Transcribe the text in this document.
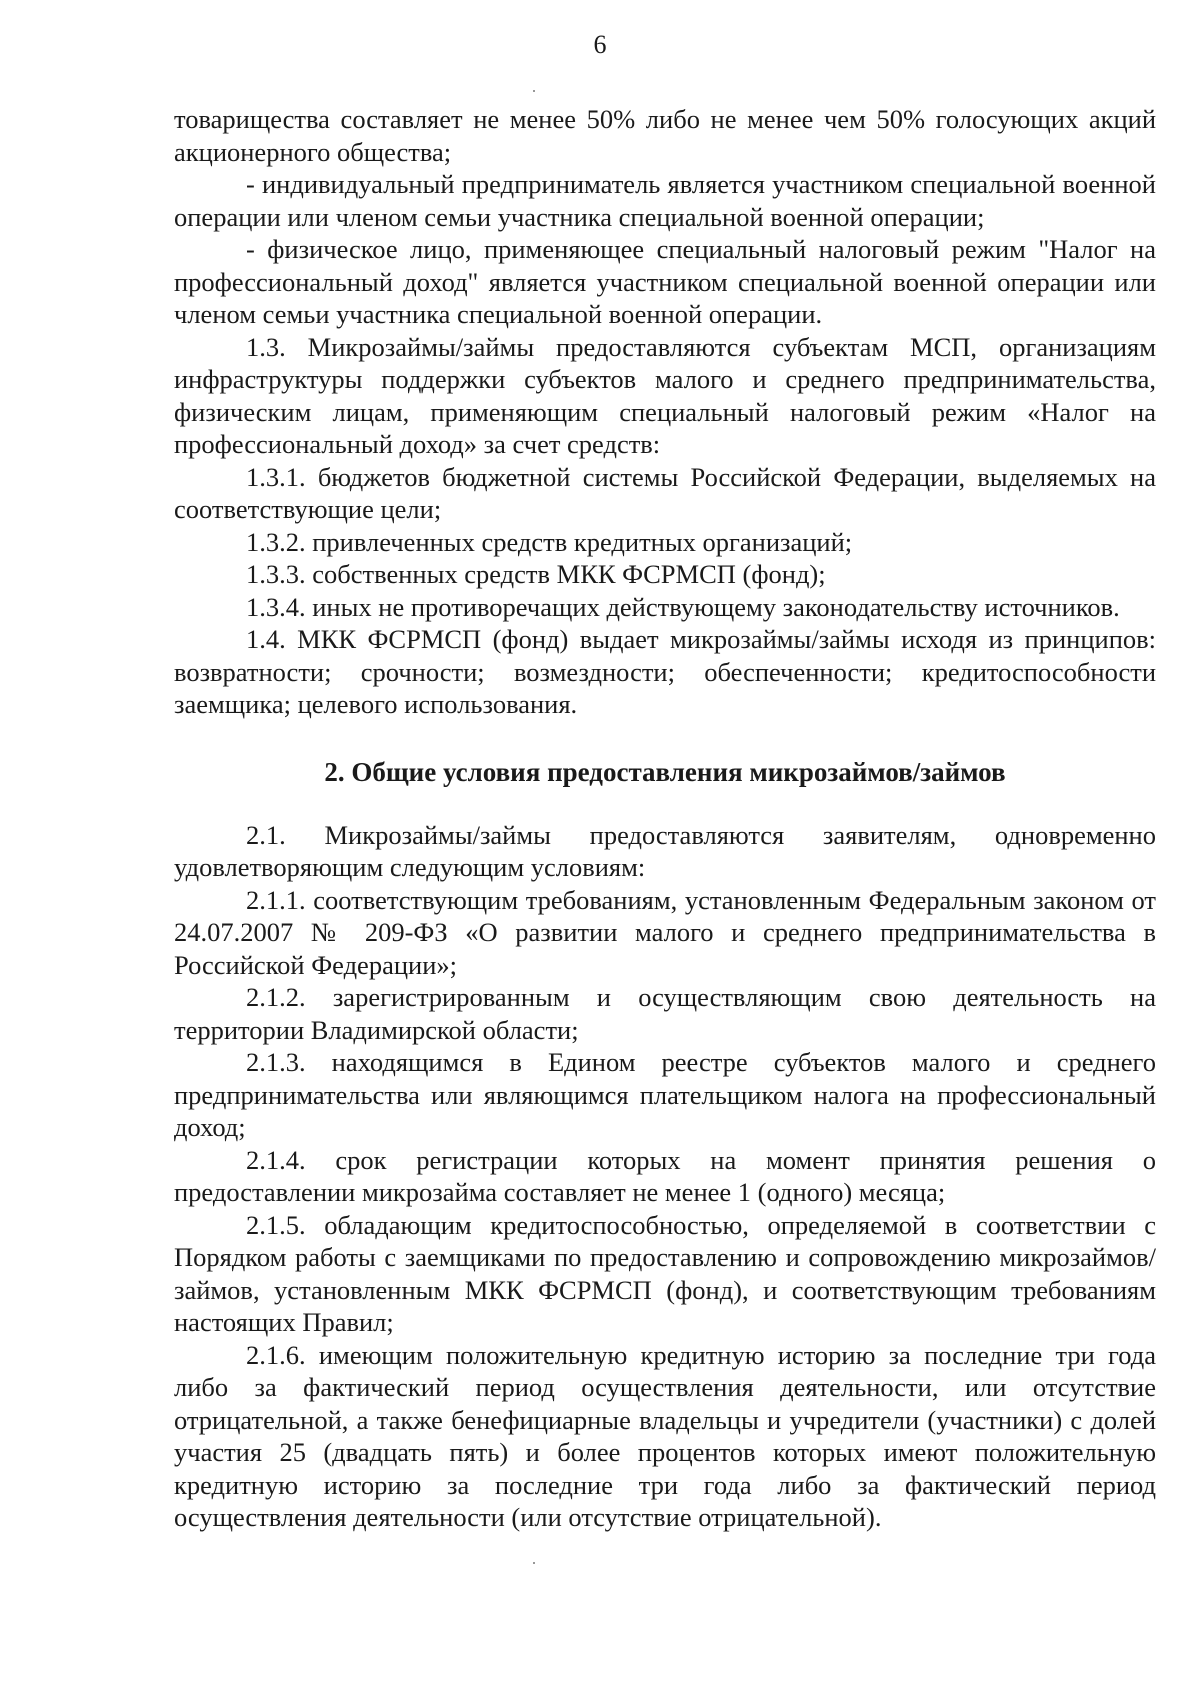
6

товарищества составляет не менее 50% либо не менее чем 50% голосующих акций акционерного общества;

- индивидуальный предприниматель является участником специальной военной операции или членом семьи участника специальной военной операции;

- физическое лицо, применяющее специальный налоговый режим "Налог на профессиональный доход" является участником специальной военной операции или членом семьи участника специальной военной операции.

1.3. Микрозаймы/займы предоставляются субъектам МСП, организациям инфраструктуры поддержки субъектов малого и среднего предпринимательства, физическим лицам, применяющим специальный налоговый режим «Налог на профессиональный доход» за счет средств:

1.3.1. бюджетов бюджетной системы Российской Федерации, выделяемых на соответствующие цели;

1.3.2. привлеченных средств кредитных организаций;

1.3.3. собственных средств МКК ФСРМСП (фонд);

1.3.4. иных не противоречащих действующему законодательству источников.

1.4. МКК ФСРМСП (фонд) выдает микрозаймы/займы исходя из принципов: возвратности; срочности; возмездности; обеспеченности; кредитоспособности заемщика; целевого использования.

2. Общие условия предоставления микрозаймов/займов

2.1. Микрозаймы/займы предоставляются заявителям, одновременно удовлетворяющим следующим условиям:

2.1.1. соответствующим требованиям, установленным Федеральным законом от 24.07.2007 № 209-ФЗ «О развитии малого и среднего предпринимательства в Российской Федерации»;

2.1.2. зарегистрированным и осуществляющим свою деятельность на территории Владимирской области;

2.1.3. находящимся в Едином реестре субъектов малого и среднего предпринимательства или являющимся плательщиком налога на профессиональный доход;

2.1.4. срок регистрации которых на момент принятия решения о предоставлении микрозайма составляет не менее 1 (одного) месяца;

2.1.5. обладающим кредитоспособностью, определяемой в соответствии с Порядком работы с заемщиками по предоставлению и сопровождению микрозаймов/займов, установленным МКК ФСРМСП (фонд), и соответствующим требованиям настоящих Правил;

2.1.6. имеющим положительную кредитную историю за последние три года либо за фактический период осуществления деятельности, или отсутствие отрицательной, а также бенефициарные владельцы и учредители (участники) с долей участия 25 (двадцать пять) и более процентов которых имеют положительную кредитную историю за последние три года либо за фактический период осуществления деятельности (или отсутствие отрицательной).
